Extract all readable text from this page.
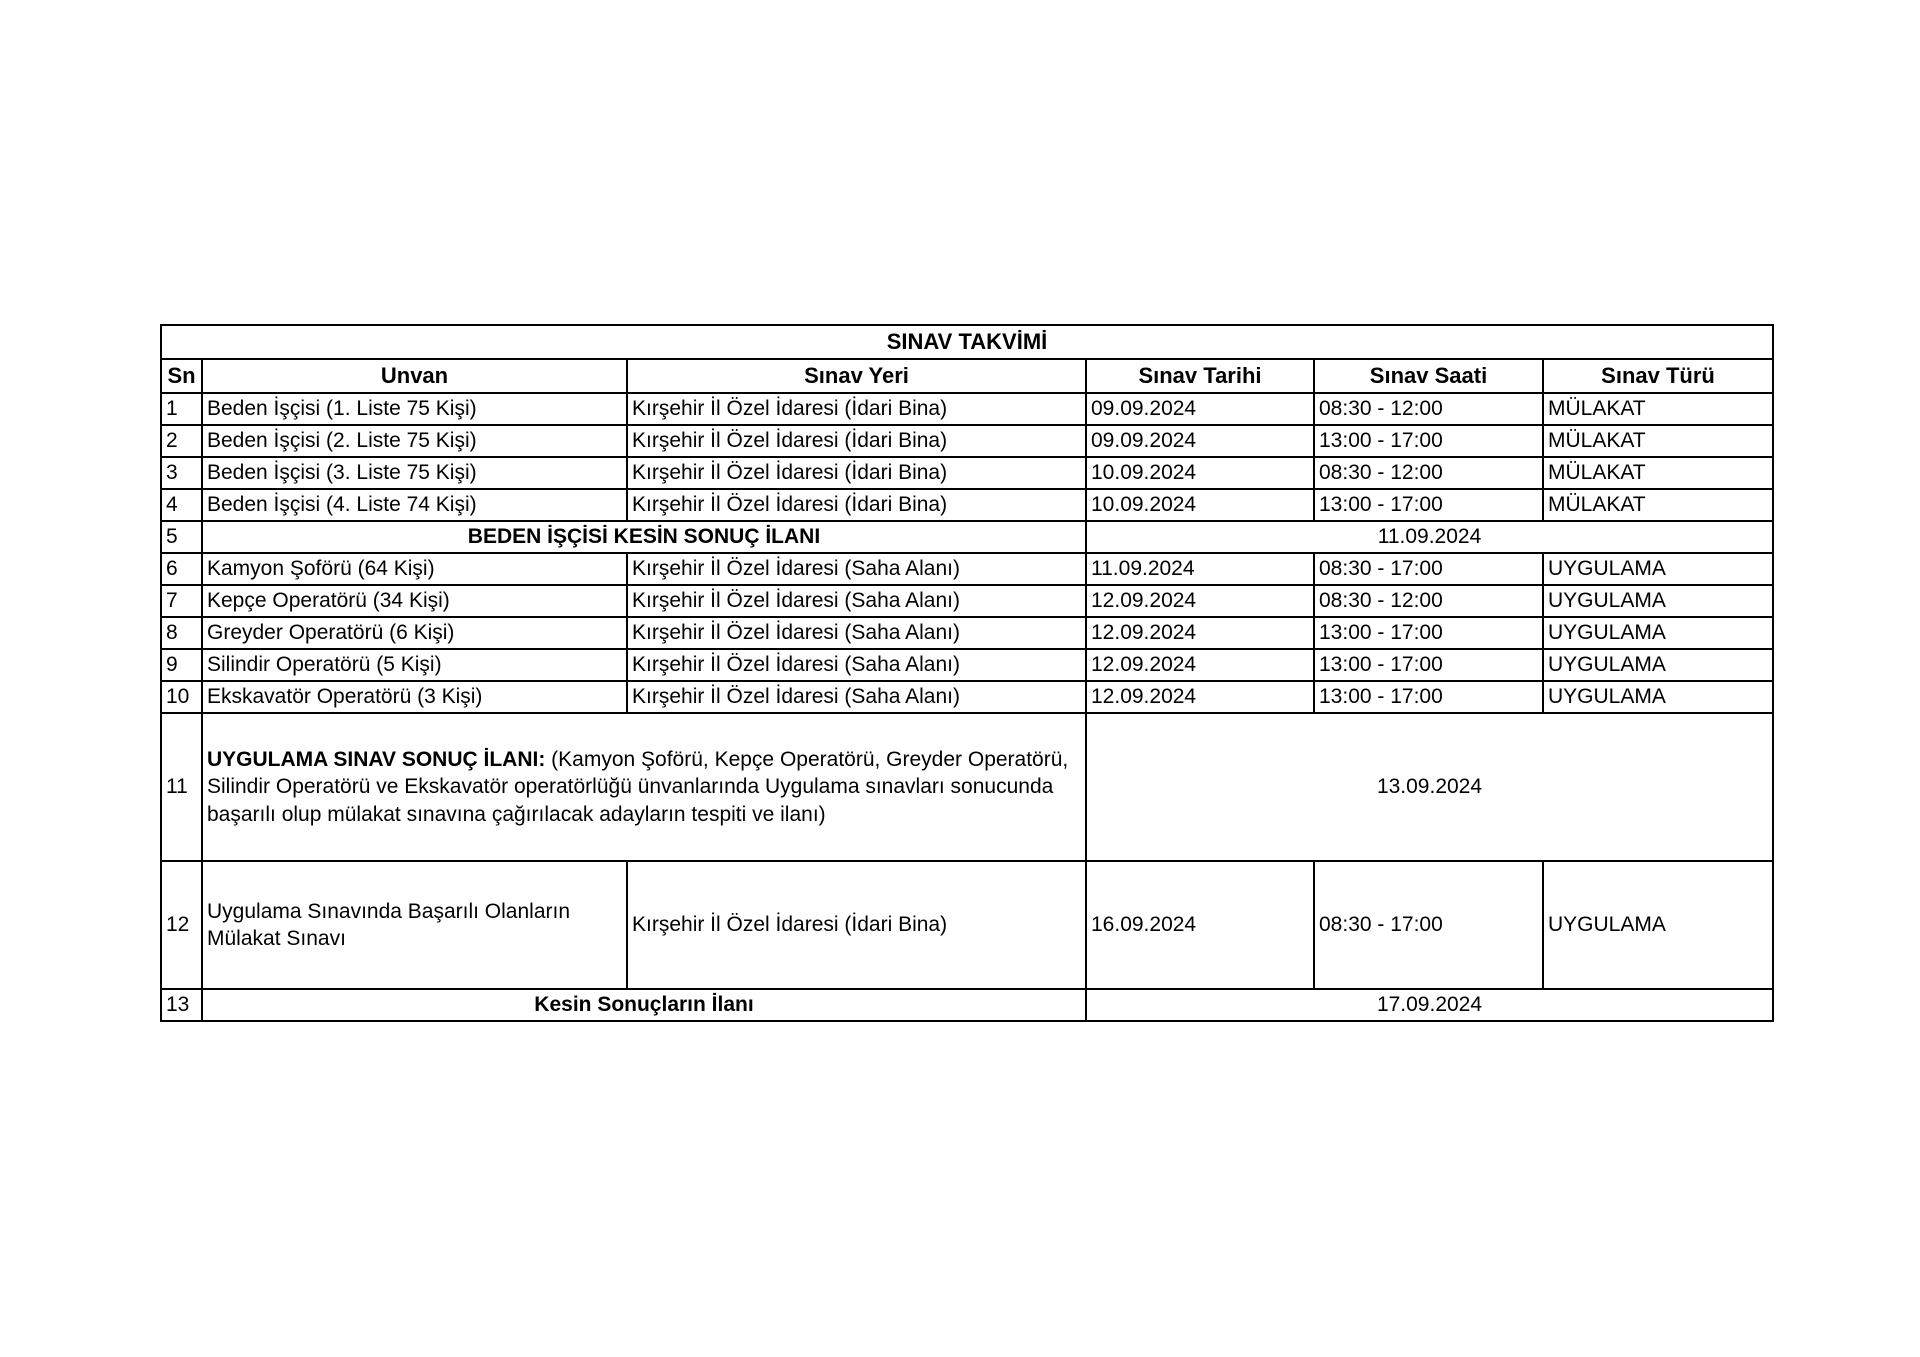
SINAV TAKVİMİ					
Sn	Unvan	Sınav Yeri	Sınav Tarihi	Sınav Saati	Sınav Türü
1	Beden İşçisi (1. Liste 75 Kişi)	Kırşehir İl Özel İdaresi (İdari Bina)	09.09.2024	08:30 - 12:00	MÜLAKAT
2	Beden İşçisi (2. Liste 75 Kişi)	Kırşehir İl Özel İdaresi (İdari Bina)	09.09.2024	13:00 - 17:00	MÜLAKAT
3	Beden İşçisi (3. Liste 75 Kişi)	Kırşehir İl Özel İdaresi (İdari Bina)	10.09.2024	08:30 - 12:00	MÜLAKAT
4	Beden İşçisi (4. Liste 74 Kişi)	Kırşehir İl Özel İdaresi (İdari Bina)	10.09.2024	13:00 - 17:00	MÜLAKAT
5	BEDEN İŞÇİSİ KESİN SONUÇ İLANI		11.09.2024		
6	Kamyon Şoförü (64 Kişi)	Kırşehir İl Özel İdaresi (Saha Alanı)	11.09.2024	08:30 - 17:00	UYGULAMA
7	Kepçe Operatörü (34 Kişi)	Kırşehir İl Özel İdaresi (Saha Alanı)	12.09.2024	08:30 - 12:00	UYGULAMA
8	Greyder Operatörü (6 Kişi)	Kırşehir İl Özel İdaresi (Saha Alanı)	12.09.2024	13:00 - 17:00	UYGULAMA
9	Silindir Operatörü (5 Kişi)	Kırşehir İl Özel İdaresi (Saha Alanı)	12.09.2024	13:00 - 17:00	UYGULAMA
10	Ekskavatör Operatörü (3 Kişi)	Kırşehir İl Özel İdaresi (Saha Alanı)	12.09.2024	13:00 - 17:00	UYGULAMA
11	UYGULAMA SINAV SONUÇ İLANI: (Kamyon Şoförü, Kepçe Operatörü, Greyder Operatörü, Silindir Operatörü ve Ekskavatör operatörlüğü ünvanlarında Uygulama sınavları sonucunda başarılı olup mülakat sınavına çağırılacak adayların tespiti ve ilanı)		13.09.2024		
12	Uygulama Sınavında Başarılı Olanların Mülakat Sınavı	Kırşehir İl Özel İdaresi (İdari Bina)	16.09.2024	08:30 - 17:00	UYGULAMA
13	Kesin Sonuçların İlanı		17.09.2024		
